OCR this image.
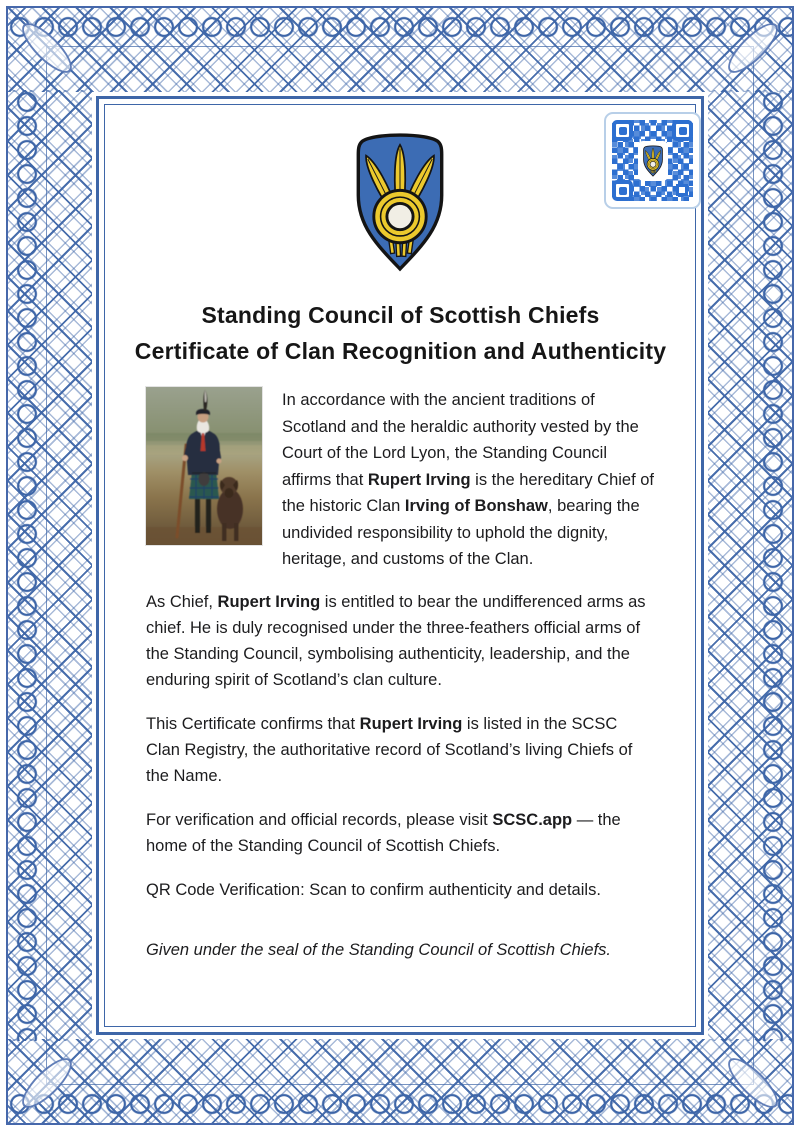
Standing Council of Scottish Chiefs
Certificate of Clan Recognition and Authenticity
In accordance with the ancient traditions of Scotland and the heraldic authority vested by the Court of the Lord Lyon, the Standing Council affirms that Rupert Irving is the hereditary Chief of the historic Clan Irving of Bonshaw, bearing the undivided responsibility to uphold the dignity, heritage, and customs of the Clan.

As Chief, Rupert Irving is entitled to bear the undifferenced arms as chief. He is duly recognised under the three-feathers official arms of the Standing Council, symbolising authenticity, leadership, and the enduring spirit of Scotland’s clan culture.

This Certificate confirms that Rupert Irving is listed in the SCSC Clan Registry, the authoritative record of Scotland’s living Chiefs of the Name.

For verification and official records, please visit SCSC.app — the home of the Standing Council of Scottish Chiefs.

QR Code Verification: Scan to confirm authenticity and details.

Given under the seal of the Standing Council of Scottish Chiefs.
